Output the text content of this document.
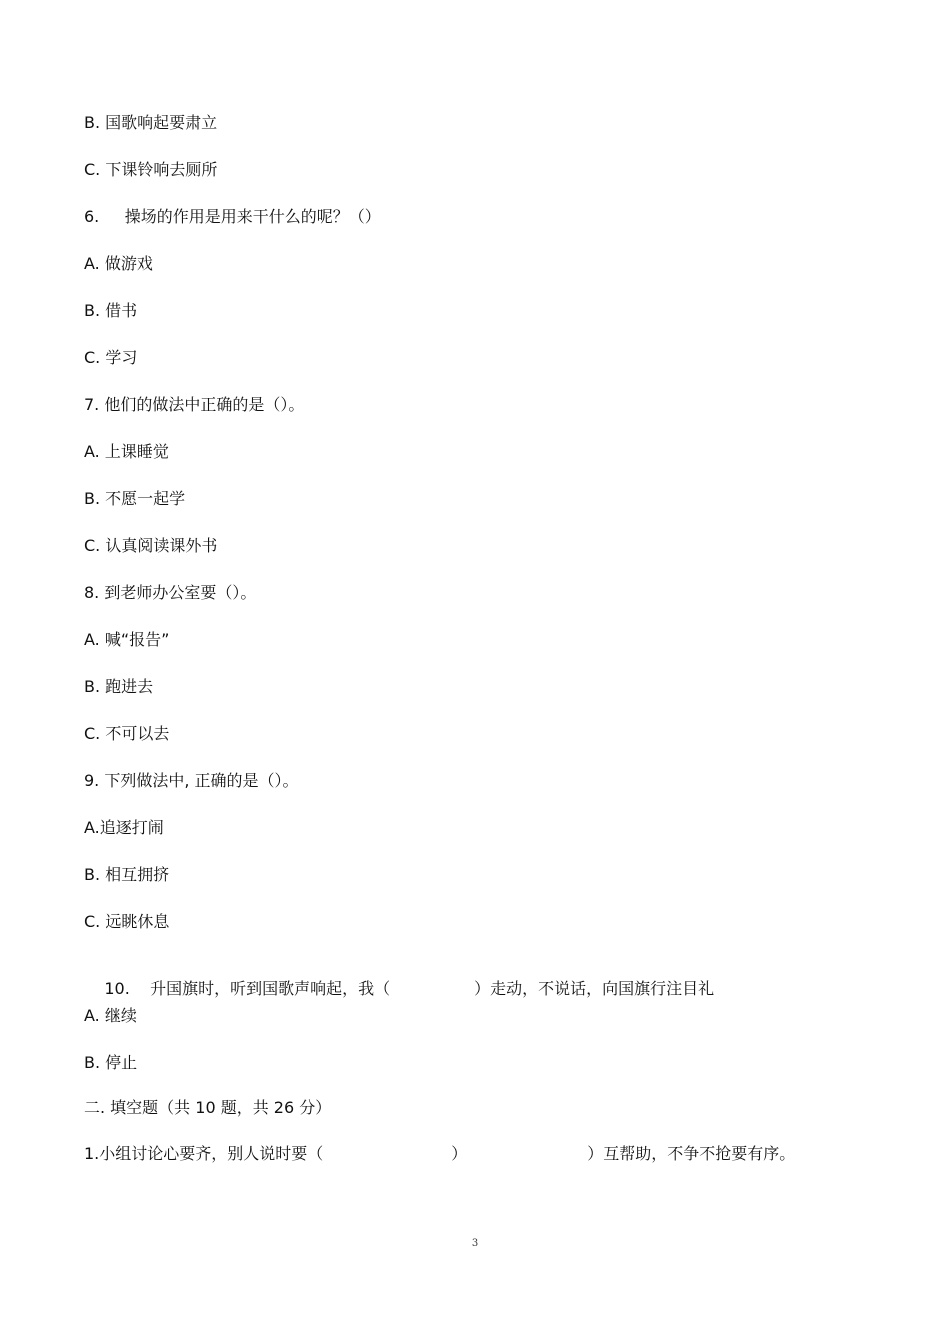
B. 国歌响起要肃立
C. 下课铃响去厕所
6.     操场的作用是用来干什么的呢？（）
A. 做游戏
B. 借书
C. 学习
7. 他们的做法中正确的是（）。
A. 上课睡觉
B. 不愿一起学
C. 认真阅读课外书
8. 到老师办公室要（）。
A. 喊“报告”
B. 跑进去
C. 不可以去
9. 下列做法中, 正确的是（）。
A.追逐打闹
B. 相互拥挤
C. 远眺休息

10.    升国旗时，听到国歌声响起，我（	）走动，不说话，向国旗行注目礼

A. 继续
B. 停止
二. 填空题（共 10 题，共 26 分）
1.小组讨论心要齐，别人说时要（	）	）互帮助，不争不抢要有序。
3
